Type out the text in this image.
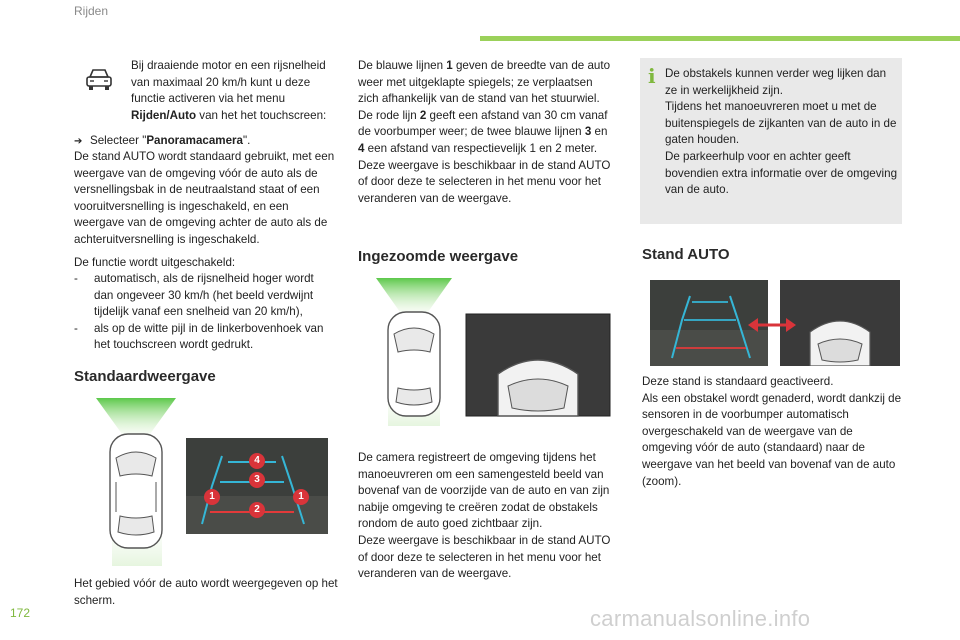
Rijden
Bij draaiende motor en een rijsnelheid van maximaal 20 km/h kunt u deze functie activeren via het menu Rijden/Auto van het het touchscreen:
➔ Selecteer "Panoramacamera".
De stand AUTO wordt standaard gebruikt, met een weergave van de omgeving vóór de auto als de versnellingsbak in de neutraalstand staat of een vooruitversnelling is ingeschakeld, en een weergave van de omgeving achter de auto als de achteruitversnelling is ingeschakeld.
De functie wordt uitgeschakeld:
- automatisch, als de rijsnelheid hoger wordt dan ongeveer 30 km/h (het beeld verdwijnt tijdelijk vanaf een snelheid van 20 km/h),
- als op de witte pijl in de linkerbovenhoek van het touchscreen wordt gedrukt.
Standaardweergave
4
3
1	1
2
Het gebied vóór de auto wordt weergegeven op het scherm.
De blauwe lijnen 1 geven de breedte van de auto weer met uitgeklapte spiegels; ze verplaatsen zich afhankelijk van de stand van het stuurwiel.
De rode lijn 2 geeft een afstand van 30 cm vanaf de voorbumper weer; de twee blauwe lijnen 3 en 4 een afstand van respectievelijk 1 en 2 meter.
Deze weergave is beschikbaar in de stand AUTO of door deze te selecteren in het menu voor het veranderen van de weergave.
Ingezoomde weergave
De camera registreert de omgeving tijdens het manoeuvreren om een samengesteld beeld van bovenaf van de voorzijde van de auto en van zijn nabije omgeving te creëren zodat de obstakels rondom de auto goed zichtbaar zijn.
Deze weergave is beschikbaar in de stand AUTO of door deze te selecteren in het menu voor het veranderen van de weergave.
i De obstakels kunnen verder weg lijken dan ze in werkelijkheid zijn.
Tijdens het manoeuvreren moet u met de buitenspiegels de zijkanten van de auto in de gaten houden.
De parkeerhulp voor en achter geeft bovendien extra informatie over de omgeving van de auto.
Stand AUTO
Deze stand is standaard geactiveerd.
Als een obstakel wordt genaderd, wordt dankzij de sensoren in de voorbumper automatisch overgeschakeld van de weergave van de omgeving vóór de auto (standaard) naar de weergave van het beeld van bovenaf van de auto (zoom).
172	carmanualsonline.info
